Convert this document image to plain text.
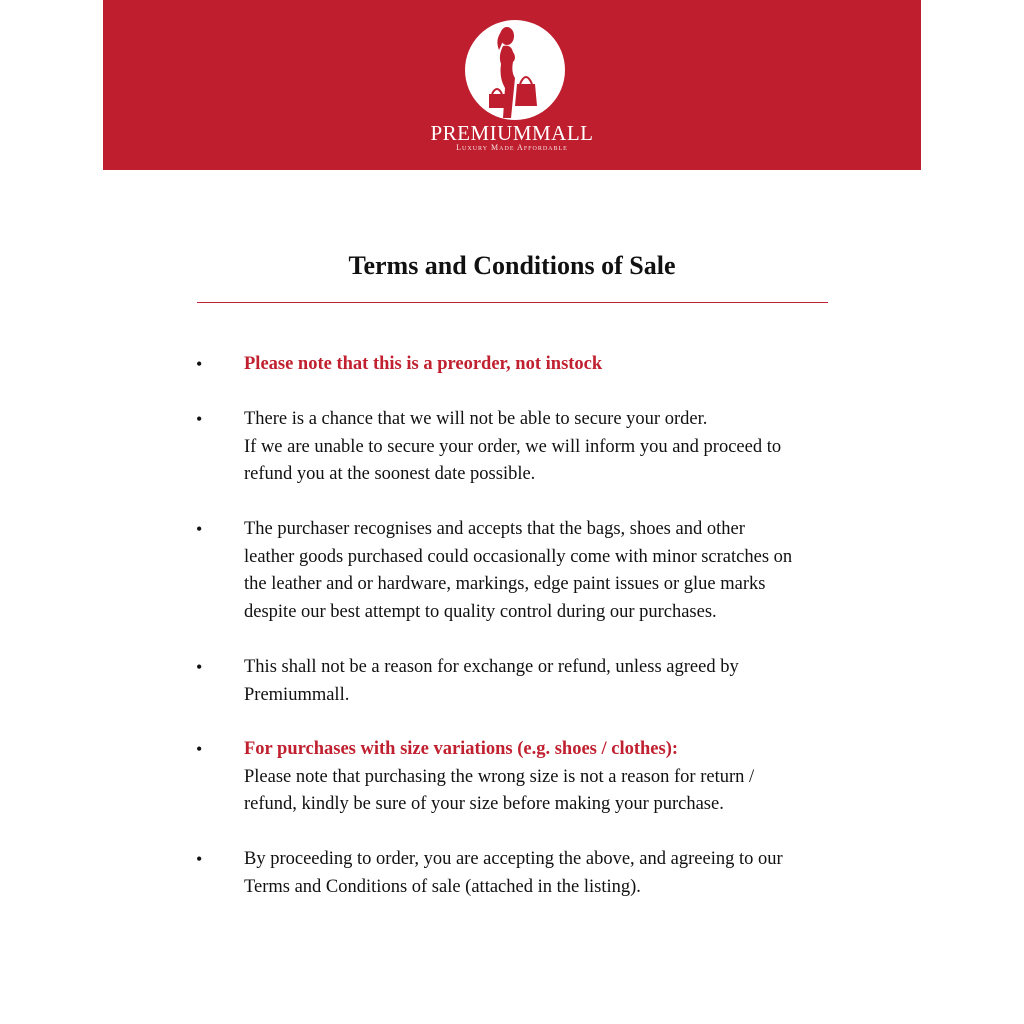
PREMIUMMALL
Luxury Made Affordable
Terms and Conditions of Sale
• Please note that this is a preorder, not instock
• There is a chance that we will not be able to secure your order.
If we are unable to secure your order, we will inform you and proceed to
refund you at the soonest date possible.
• The purchaser recognises and accepts that the bags, shoes and other
leather goods purchased could occasionally come with minor scratches on
the leather and or hardware, markings, edge paint issues or glue marks
despite our best attempt to quality control during our purchases.
• This shall not be a reason for exchange or refund, unless agreed by
Premiummall.
• For purchases with size variations (e.g. shoes / clothes):
Please note that purchasing the wrong size is not a reason for return /
refund, kindly be sure of your size before making your purchase.
• By proceeding to order, you are accepting the above, and agreeing to our
Terms and Conditions of sale (attached in the listing).
